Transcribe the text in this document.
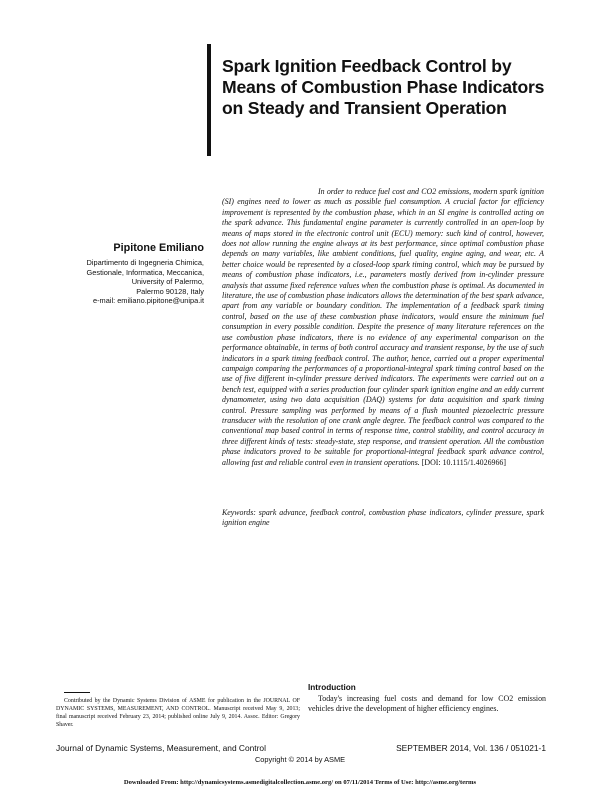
Spark Ignition Feedback Control by Means of Combustion Phase Indicators on Steady and Transient Operation
Pipitone Emiliano
Dipartimento di Ingegneria Chimica,
Gestionale, Informatica, Meccanica,
University of Palermo,
Palermo 90128, Italy
e-mail: emiliano.pipitone@unipa.it
In order to reduce fuel cost and CO2 emissions, modern spark ignition (SI) engines need to lower as much as possible fuel consumption. A crucial factor for efficiency improvement is represented by the combustion phase, which in an SI engine is controlled acting on the spark advance. This fundamental engine parameter is currently controlled in an open-loop by means of maps stored in the electronic control unit (ECU) memory: such kind of control, however, does not allow running the engine always at its best performance, since optimal combustion phase depends on many variables, like ambient conditions, fuel quality, engine aging, and wear, etc. A better choice would be represented by a closed-loop spark timing control, which may be pursued by means of combustion phase indicators, i.e., parameters mostly derived from in-cylinder pressure analysis that assume fixed reference values when the combustion phase is optimal. As documented in literature, the use of combustion phase indicators allows the determination of the best spark advance, apart from any variable or boundary condition. The implementation of a feedback spark timing control, based on the use of these combustion phase indicators, would ensure the minimum fuel consumption in every possible condition. Despite the presence of many literature references on the use combustion phase indicators, there is no evidence of any experimental comparison on the performance obtainable, in terms of both control accuracy and transient response, by the use of such indicators in a spark timing feedback control. The author, hence, carried out a proper experimental campaign comparing the performances of a proportional-integral spark timing control based on the use of five different in-cylinder pressure derived indicators. The experiments were carried out on a bench test, equipped with a series production four cylinder spark ignition engine and an eddy current dynamometer, using two data acquisition (DAQ) systems for data acquisition and spark timing control. Pressure sampling was performed by means of a flush mounted piezoelectric pressure transducer with the resolution of one crank angle degree. The feedback control was compared to the conventional map based control in terms of response time, control stability, and control accuracy in three different kinds of tests: steady-state, step response, and transient operation. All the combustion phase indicators proved to be suitable for proportional-integral feedback spark advance control, allowing fast and reliable control even in transient operations. [DOI: 10.1115/1.4026966]
Keywords: spark advance, feedback control, combustion phase indicators, cylinder pressure, spark ignition engine
Contributed by the Dynamic Systems Division of ASME for publication in the JOURNAL OF DYNAMIC SYSTEMS, MEASUREMENT, AND CONTROL. Manuscript received May 9, 2013; final manuscript received February 23, 2014; published online July 9, 2014. Assoc. Editor: Gregory Shaver.
Introduction
Today's increasing fuel costs and demand for low CO2 emission vehicles drive the development of higher efficiency engines.
Journal of Dynamic Systems, Measurement, and Control	SEPTEMBER 2014, Vol. 136 / 051021-1
Copyright © 2014 by ASME
Downloaded From: http://dynamicsystems.asmedigitalcollection.asme.org/ on 07/11/2014 Terms of Use: http://asme.org/terms
